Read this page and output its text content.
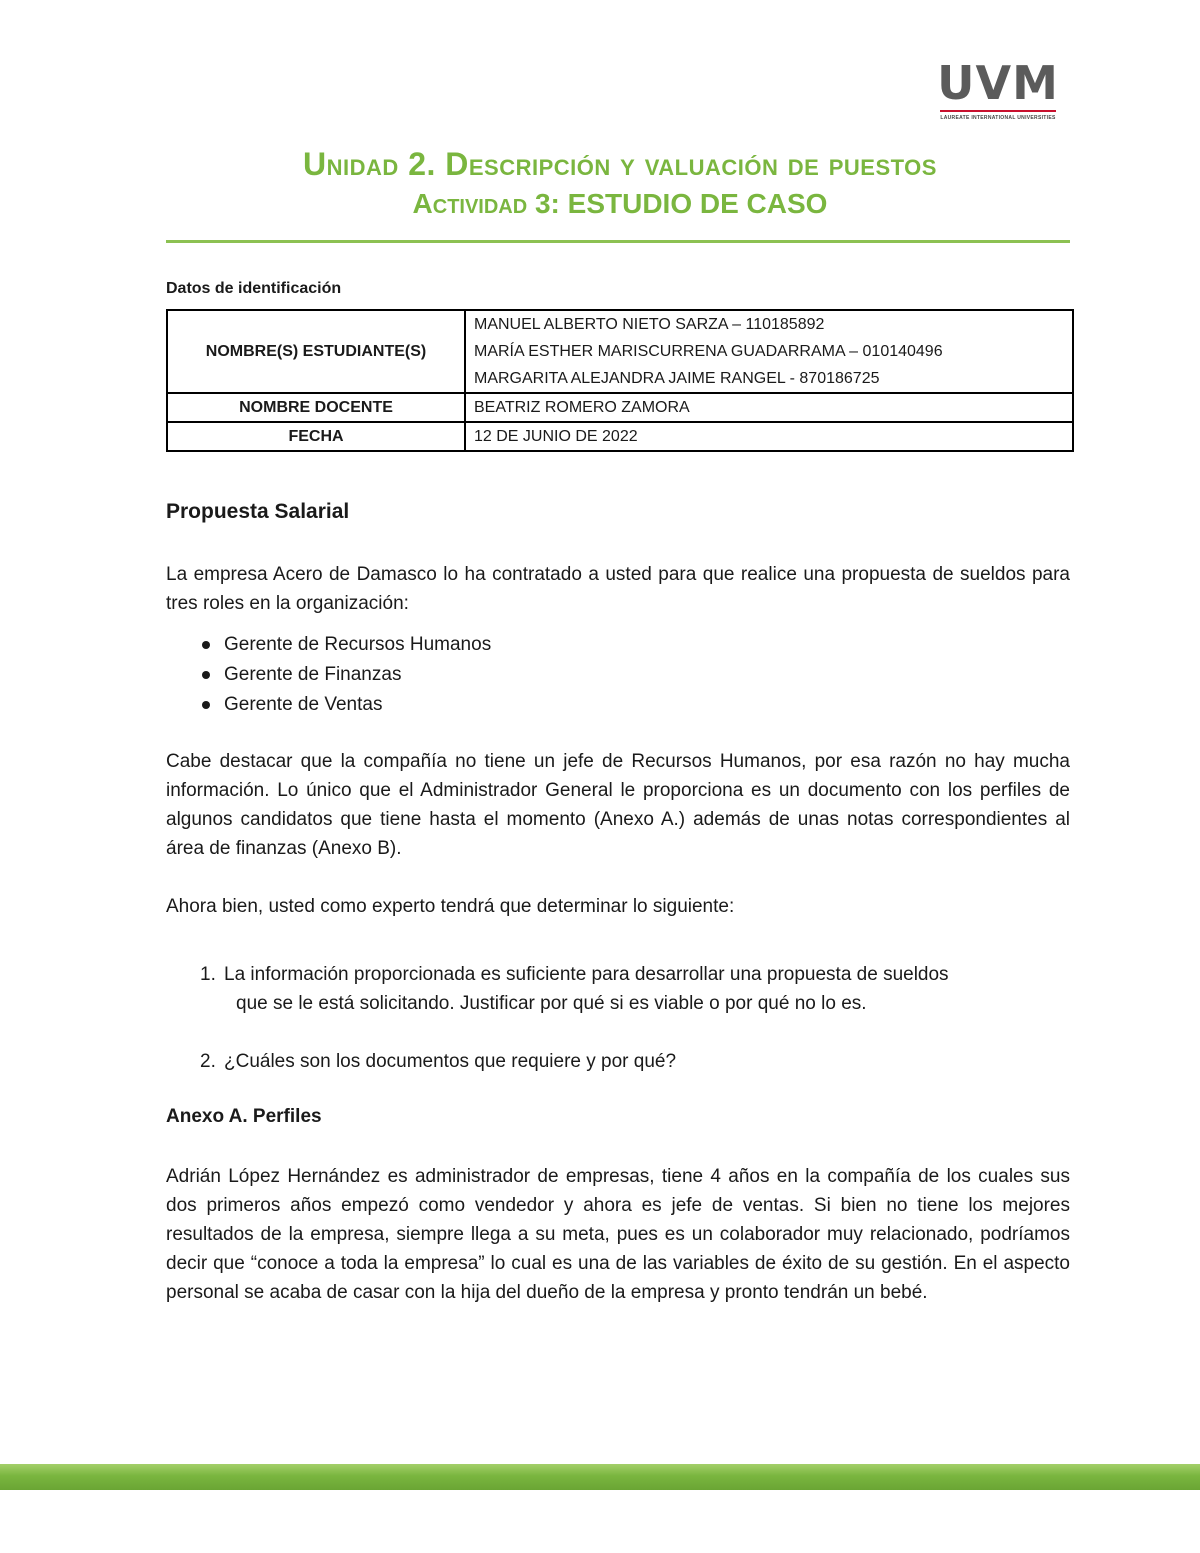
UVM
LAUREATE INTERNATIONAL UNIVERSITIES
Unidad 2. Descripción y valuación de puestos
Actividad 3: ESTUDIO DE CASO
Datos de identificación
NOMBRE(S) ESTUDIANTE(S)	MANUEL ALBERTO NIETO SARZA – 110185892
MARÍA ESTHER MARISCURRENA GUADARRAMA – 010140496
MARGARITA ALEJANDRA JAIME RANGEL - 870186725

NOMBRE DOCENTE	BEATRIZ ROMERO ZAMORA
FECHA	12 DE JUNIO DE 2022
Propuesta Salarial

La empresa Acero de Damasco lo ha contratado a usted para que realice una propuesta de sueldos para tres roles en la organización:

Gerente de Recursos Humanos
Gerente de Finanzas
Gerente de Ventas

Cabe destacar que la compañía no tiene un jefe de Recursos Humanos, por esa razón no hay mucha información. Lo único que el Administrador General le proporciona es un documento con los perfiles de algunos candidatos que tiene hasta el momento (Anexo A.) además de unas notas correspondientes al área de finanzas (Anexo B).

Ahora bien, usted como experto tendrá que determinar lo siguiente:

1. La información proporcionada es suficiente para desarrollar una propuesta de sueldos
que se le está solicitando. Justificar por qué si es viable o por qué no lo es.
2. ¿Cuáles son los documentos que requiere y por qué?
Anexo A. Perfiles

Adrián López Hernández es administrador de empresas, tiene 4 años en la compañía de los cuales sus dos primeros años empezó como vendedor y ahora es jefe de ventas. Si bien no tiene los mejores resultados de la empresa, siempre llega a su meta, pues es un colaborador muy relacionado, podríamos decir que “conoce a toda la empresa” lo cual es una de las variables de éxito de su gestión. En el aspecto personal se acaba de casar con la hija del dueño de la empresa y pronto tendrán un bebé.
